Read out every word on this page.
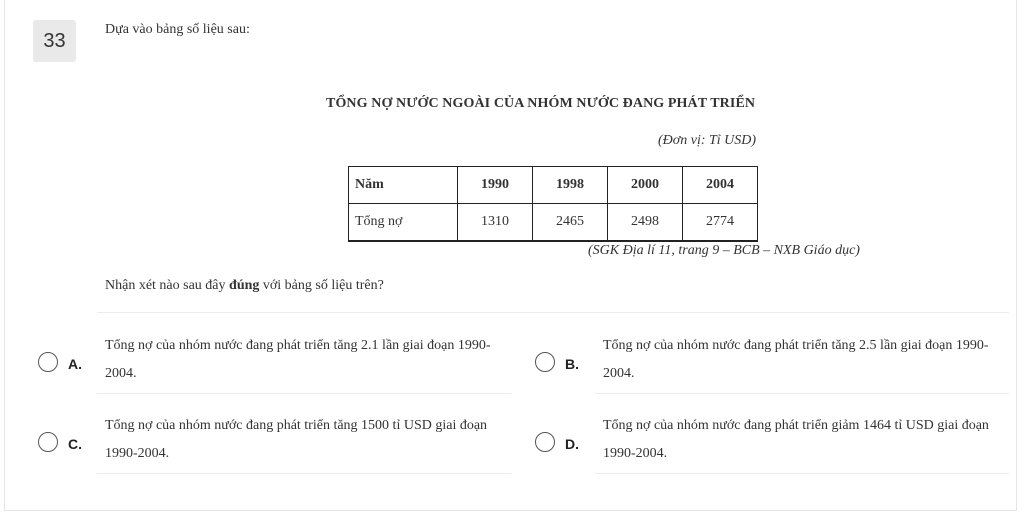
33	Dựa vào bảng số liệu sau:
TỔNG NỢ NƯỚC NGOÀI CỦA NHÓM NƯỚC ĐANG PHÁT TRIỂN
(Đơn vị: Tỉ USD)
Năm	1990	1998	2000	2004
Tổng nợ	1310	2465	2498	2774
(SGK Địa lí 11, trang 9 – BCB – NXB Giáo dục)
Nhận xét nào sau đây đúng với bảng số liệu trên?
A.
Tổng nợ của nhóm nước đang phát triển tăng 2.1 lần giai đoạn 1990-2004.
B.
Tổng nợ của nhóm nước đang phát triển tăng 2.5 lần giai đoạn 1990-2004.
C.
Tổng nợ của nhóm nước đang phát triển tăng 1500 tỉ USD giai đoạn 1990-2004.
D.
Tổng nợ của nhóm nước đang phát triển giảm 1464 tỉ USD giai đoạn 1990-2004.
